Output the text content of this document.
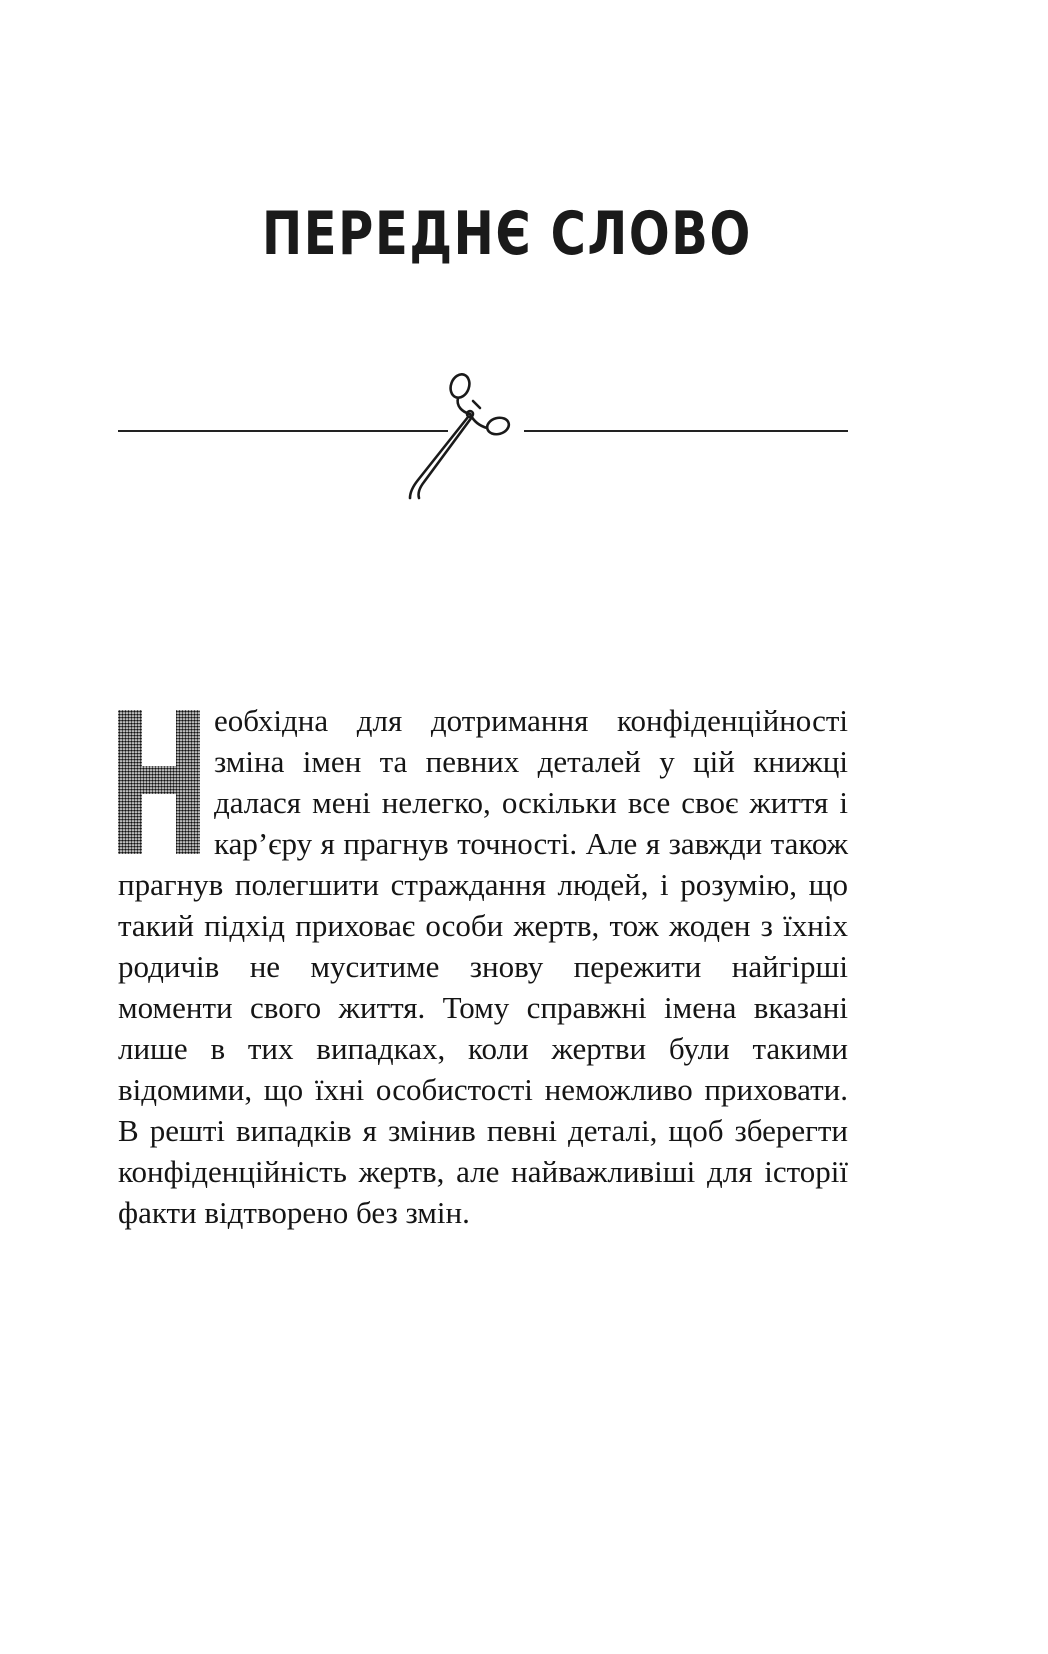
ПЕРЕДНЄ СЛОВО

еобхідна для дотримання конфіденційності зміна імен та певних деталей у цій книжці далася мені нелегко, оскільки все своє життя і кар’єру я прагнув точності. Але я завжди також прагнув полегшити страждання людей, і розумію, що такий підхід приховає особи жертв, тож жоден з їхніх родичів не муситиме знову пережити найгірші моменти свого життя. Тому справжні імена вказані лише в тих випадках, коли жертви були такими відомими, що їхні особистості неможливо приховати. В решті випадків я змінив певні деталі, щоб зберегти конфіденційність жертв, але найважливіші для історії факти відтворено без змін.
